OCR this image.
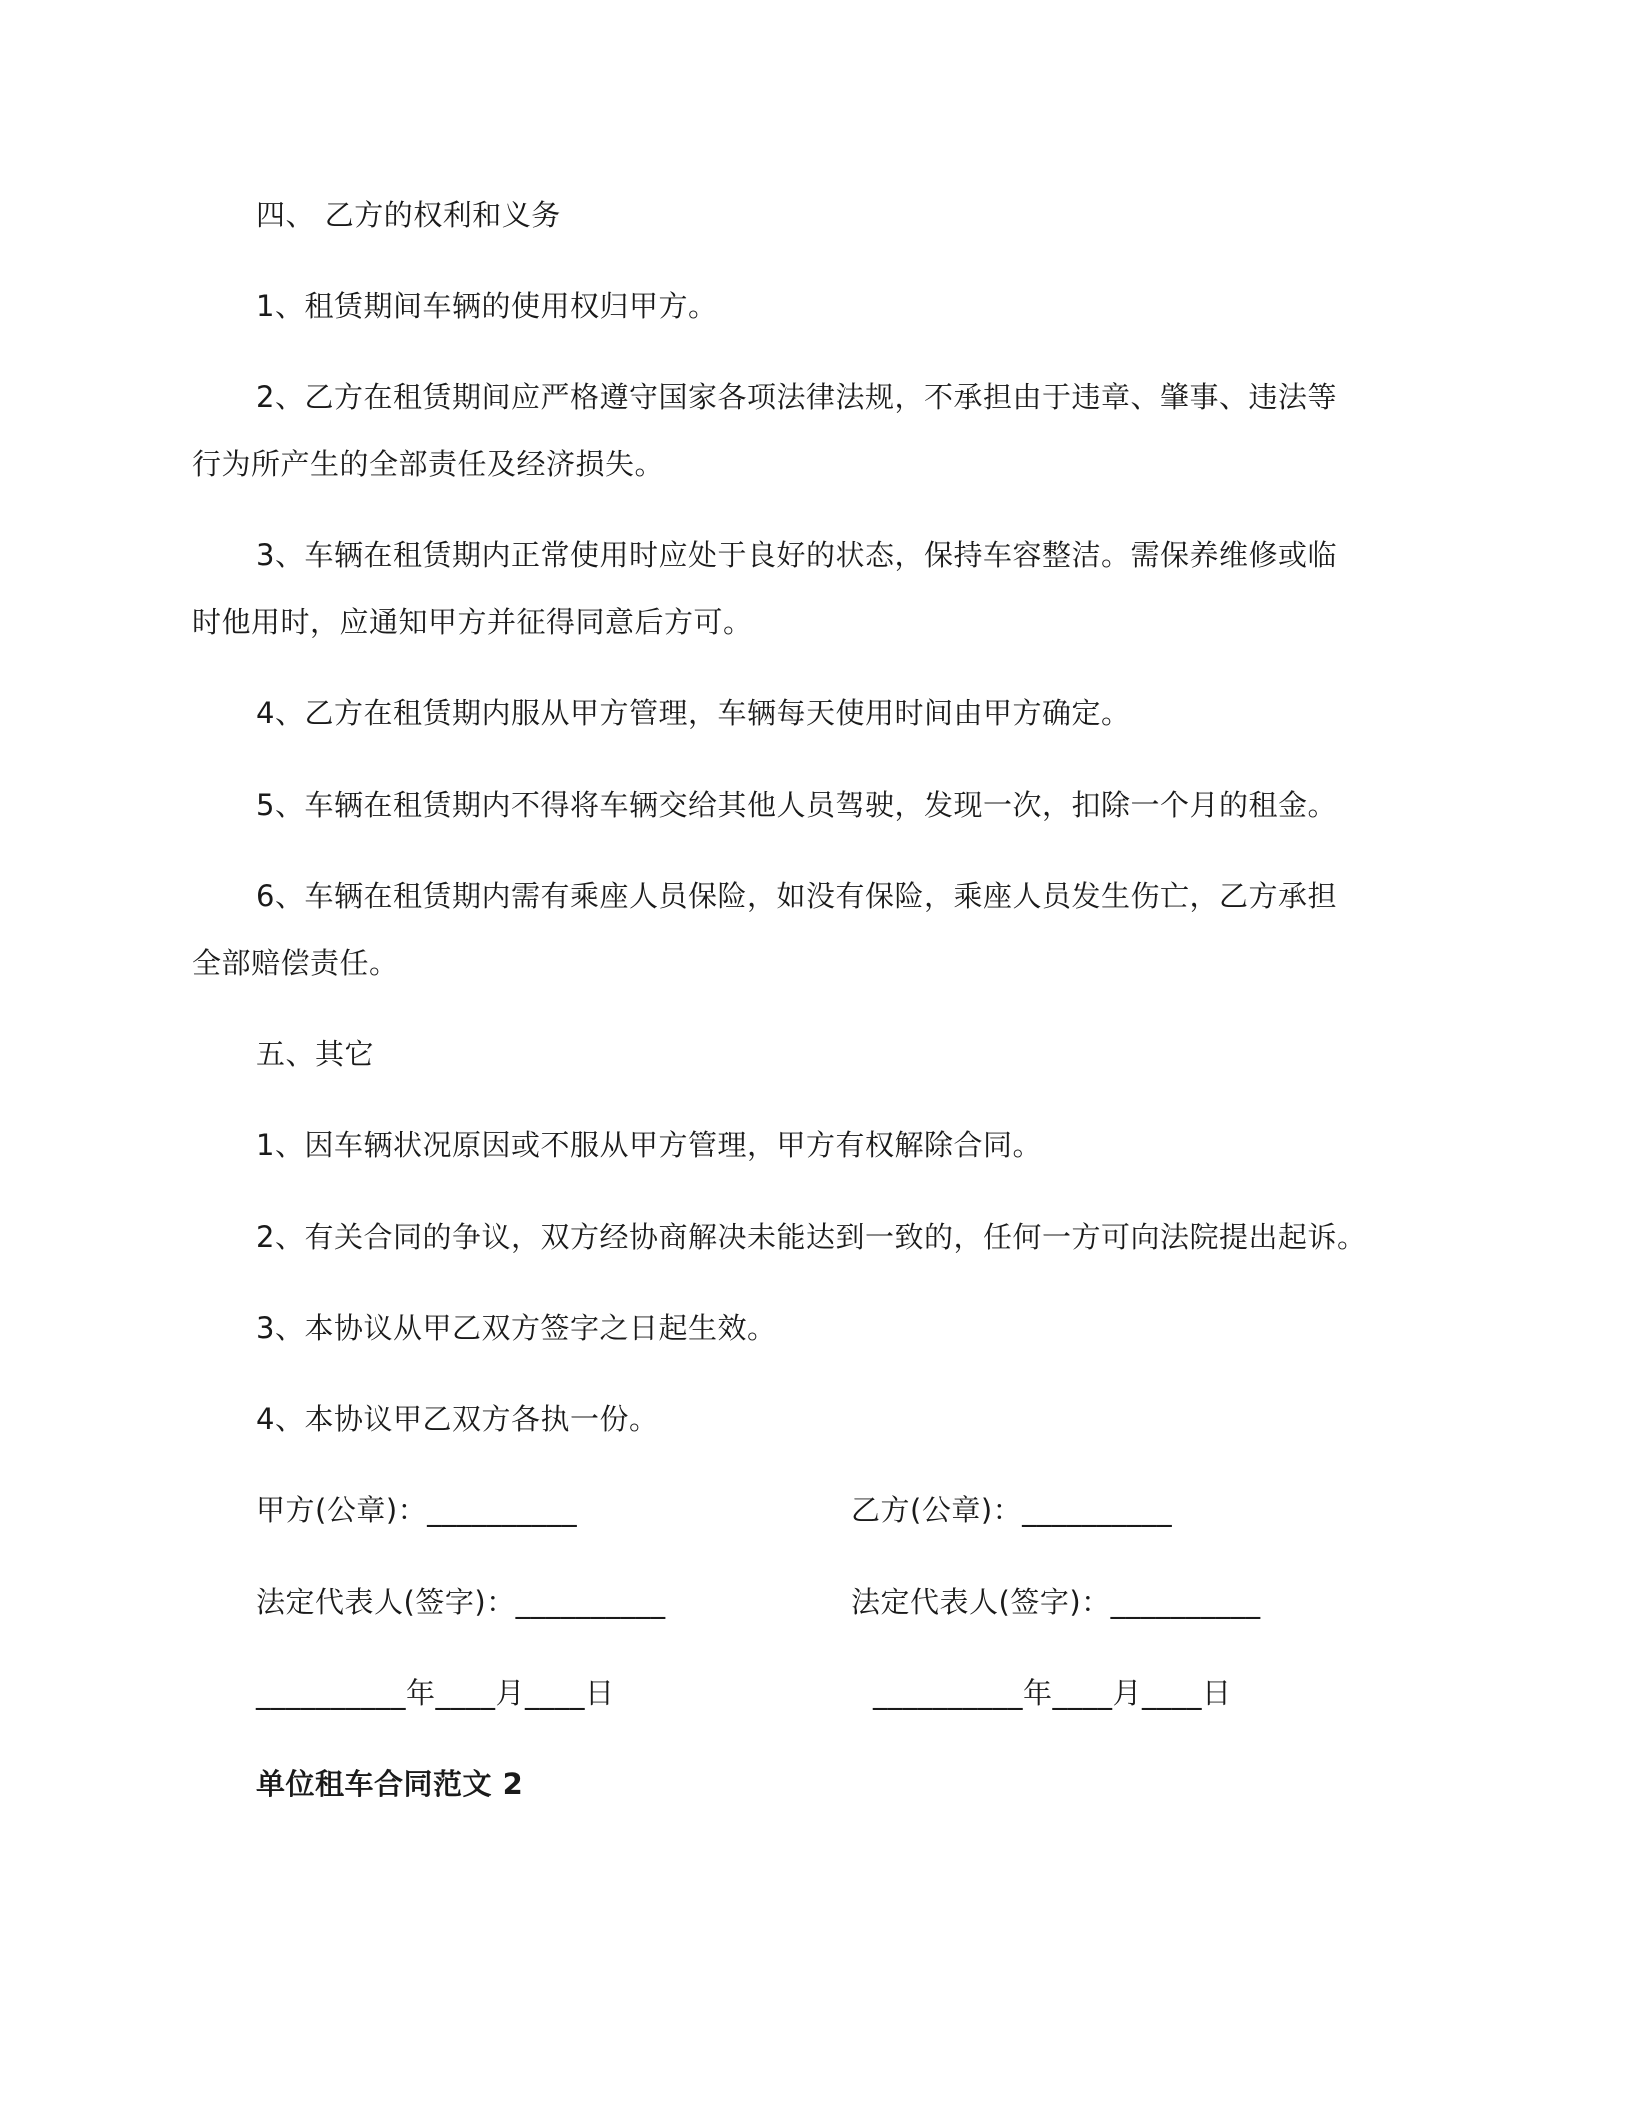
四、 乙方的权利和义务
1、租赁期间车辆的使用权归甲方。
2、乙方在租赁期间应严格遵守国家各项法律法规，不承担由于违章、肇事、违法等
行为所产生的全部责任及经济损失。
3、车辆在租赁期内正常使用时应处于良好的状态，保持车容整洁。需保养维修或临
时他用时，应通知甲方并征得同意后方可。
4、乙方在租赁期内服从甲方管理，车辆每天使用时间由甲方确定。
5、车辆在租赁期内不得将车辆交给其他人员驾驶，发现一次，扣除一个月的租金。
6、车辆在租赁期内需有乘座人员保险，如没有保险，乘座人员发生伤亡，乙方承担
全部赔偿责任。
五、其它
1、因车辆状况原因或不服从甲方管理，甲方有权解除合同。
2、有关合同的争议，双方经协商解决未能达到一致的，任何一方可向法院提出起诉。
3、本协议从甲乙双方签字之日起生效。
4、本协议甲乙双方各执一份。
甲方(公章)：__________	乙方(公章)：__________
法定代表人(签字)：__________	法定代表人(签字)：__________
__________年____月____日	__________年____月____日
单位租车合同范文 2
